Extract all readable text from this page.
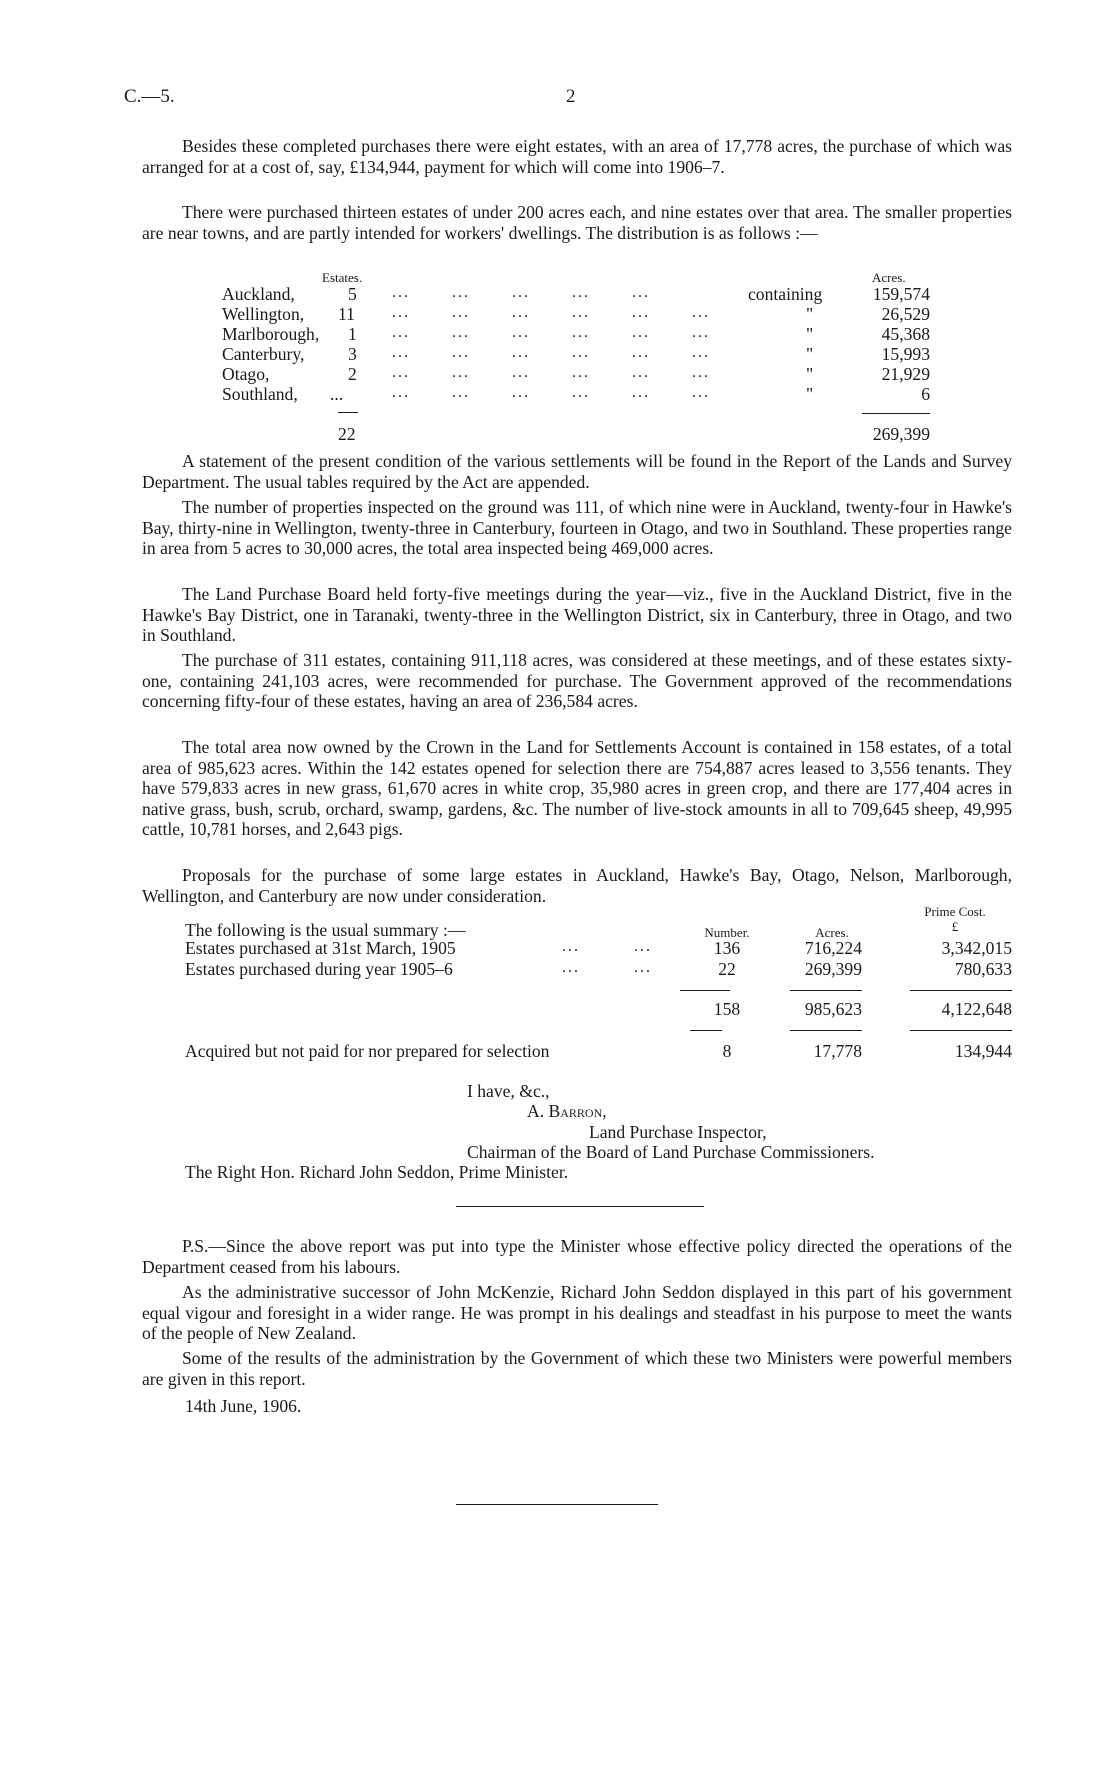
C.—5.	2

Besides these completed purchases there were eight estates, with an area of 17,778 acres, the purchase of which was arranged for at a cost of, say, £134,944, payment for which will come into 1906–7.

There were purchased thirteen estates of under 200 acres each, and nine estates over that area. The smaller properties are near towns, and are partly intended for workers' dwellings. The distribution is as follows :—

Estates.	Acres.
Auckland,	5 ...       ...       ...       ...       ...	containing	159,574
Wellington, 11 ...       ...       ...       ...       ...       ...	"	26,529
Marlborough, 1 ...       ...       ...       ...       ...       ...	"	45,368
Canterbury, 3 ...       ...       ...       ...       ...       ...	"	15,993
Otago,	2 ...       ...       ...       ...       ...       ...	"	21,929
Southland, ...	...       ...       ...       ...       ...       ...	"	6
22	269,399

A statement of the present condition of the various settlements will be found in the Report of the Lands and Survey Department. The usual tables required by the Act are appended.

The number of properties inspected on the ground was 111, of which nine were in Auckland, twenty-four in Hawke's Bay, thirty-nine in Wellington, twenty-three in Canterbury, fourteen in Otago, and two in Southland. These properties range in area from 5 acres to 30,000 acres, the total area inspected being 469,000 acres.

The Land Purchase Board held forty-five meetings during the year—viz., five in the Auckland District, five in the Hawke's Bay District, one in Taranaki, twenty-three in the Wellington District, six in Canterbury, three in Otago, and two in Southland.

The purchase of 311 estates, containing 911,118 acres, was considered at these meetings, and of these estates sixty-one, containing 241,103 acres, were recommended for purchase. The Government approved of the recommendations concerning fifty-four of these estates, having an area of 236,584 acres.

The total area now owned by the Crown in the Land for Settlements Account is contained in 158 estates, of a total area of 985,623 acres. Within the 142 estates opened for selection there are 754,887 acres leased to 3,556 tenants. They have 579,833 acres in new grass, 61,670 acres in white crop, 35,980 acres in green crop, and there are 177,404 acres in native grass, bush, scrub, orchard, swamp, gardens, &c. The number of live-stock amounts in all to 709,645 sheep, 49,995 cattle, 10,781 horses, and 2,643 pigs.

Proposals for the purchase of some large estates in Auckland, Hawke's Bay, Otago, Nelson, Marlborough, Wellington, and Canterbury are now under consideration.

Prime Cost.
The following is the usual summary :—	Number.	Acres.	£
Estates purchased at 31st March, 1905	...         ...	136	716,224	3,342,015
Estates purchased during year 1905–6	...         ...	22	269,399	780,633
158	985,623	4,122,648
Acquired but not paid for nor prepared for selection	8	17,778	134,944
I have, &c.,
A. Barron,
Land Purchase Inspector,
Chairman of the Board of Land Purchase Commissioners.
The Right Hon. Richard John Seddon, Prime Minister.

P.S.—Since the above report was put into type the Minister whose effective policy directed the operations of the Department ceased from his labours.

As the administrative successor of John McKenzie, Richard John Seddon displayed in this part of his government equal vigour and foresight in a wider range. He was prompt in his dealings and steadfast in his purpose to meet the wants of the people of New Zealand.

Some of the results of the administration by the Government of which these two Ministers were powerful members are given in this report.

14th June, 1906.
